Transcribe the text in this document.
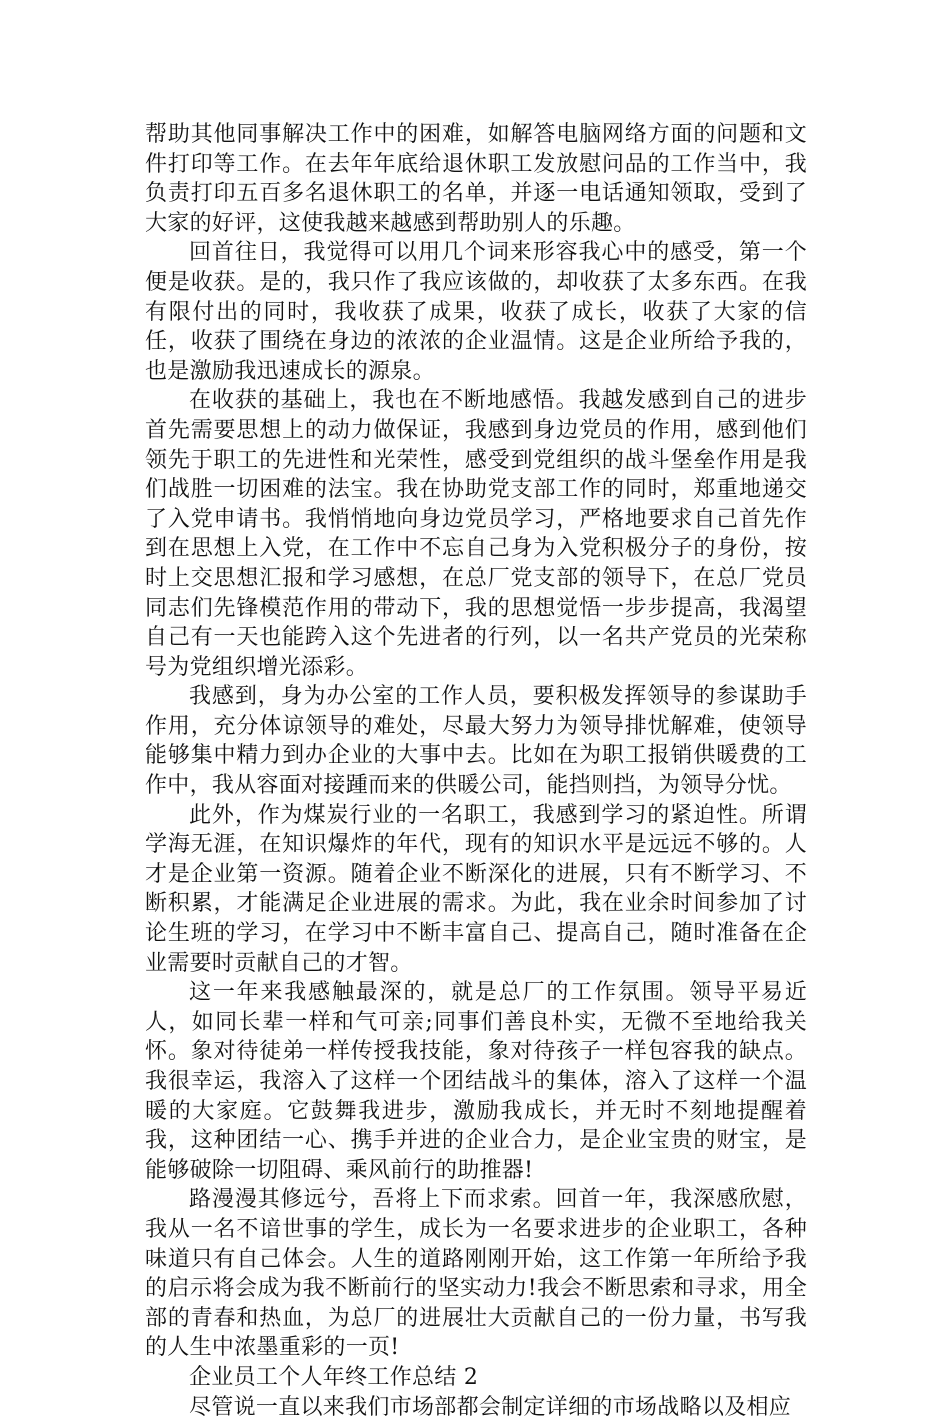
帮助其他同事解决工作中的困难，如解答电脑网络方面的问题和文件打印等工作。在去年年底给退休职工发放慰问品的工作当中，我负责打印五百多名退休职工的名单，并逐一电话通知领取，受到了大家的好评，这使我越来越感到帮助别人的乐趣。

回首往日，我觉得可以用几个词来形容我心中的感受，第一个便是收获。是的，我只作了我应该做的，却收获了太多东西。在我有限付出的同时，我收获了成果，收获了成长，收获了大家的信任，收获了围绕在身边的浓浓的企业温情。这是企业所给予我的，也是激励我迅速成长的源泉。

在收获的基础上，我也在不断地感悟。我越发感到自己的进步首先需要思想上的动力做保证，我感到身边党员的作用，感到他们领先于职工的先进性和光荣性，感受到党组织的战斗堡垒作用是我们战胜一切困难的法宝。我在协助党支部工作的同时，郑重地递交了入党申请书。我悄悄地向身边党员学习，严格地要求自己首先作到在思想上入党，在工作中不忘自己身为入党积极分子的身份，按时上交思想汇报和学习感想，在总厂党支部的领导下，在总厂党员同志们先锋模范作用的带动下，我的思想觉悟一步步提高，我渴望自己有一天也能跨入这个先进者的行列，以一名共产党员的光荣称号为党组织增光添彩。

我感到，身为办公室的工作人员，要积极发挥领导的参谋助手作用，充分体谅领导的难处，尽最大努力为领导排忧解难，使领导能够集中精力到办企业的大事中去。比如在为职工报销供暖费的工作中，我从容面对接踵而来的供暖公司，能挡则挡，为领导分忧。

此外，作为煤炭行业的一名职工，我感到学习的紧迫性。所谓学海无涯，在知识爆炸的年代，现有的知识水平是远远不够的。人才是企业第一资源。随着企业不断深化的进展，只有不断学习、不断积累，才能满足企业进展的需求。为此，我在业余时间参加了讨论生班的学习，在学习中不断丰富自己、提高自己，随时准备在企业需要时贡献自己的才智。

这一年来我感触最深的，就是总厂的工作氛围。领导平易近人，如同长辈一样和气可亲;同事们善良朴实，无微不至地给我关怀。象对待徒弟一样传授我技能，象对待孩子一样包容我的缺点。我很幸运，我溶入了这样一个团结战斗的集体，溶入了这样一个温暖的大家庭。它鼓舞我进步，激励我成长，并无时不刻地提醒着我，这种团结一心、携手并进的企业合力，是企业宝贵的财宝，是能够破除一切阻碍、乘风前行的助推器!

路漫漫其修远兮，吾将上下而求索。回首一年，我深感欣慰，我从一名不谙世事的学生，成长为一名要求进步的企业职工，各种味道只有自己体会。人生的道路刚刚开始，这工作第一年所给予我的启示将会成为我不断前行的坚实动力!我会不断思索和寻求，用全部的青春和热血，为总厂的进展壮大贡献自己的一份力量，书写我的人生中浓墨重彩的一页!

企业员工个人年终工作总结 2

尽管说一直以来我们市场部都会制定详细的市场战略以及相应
